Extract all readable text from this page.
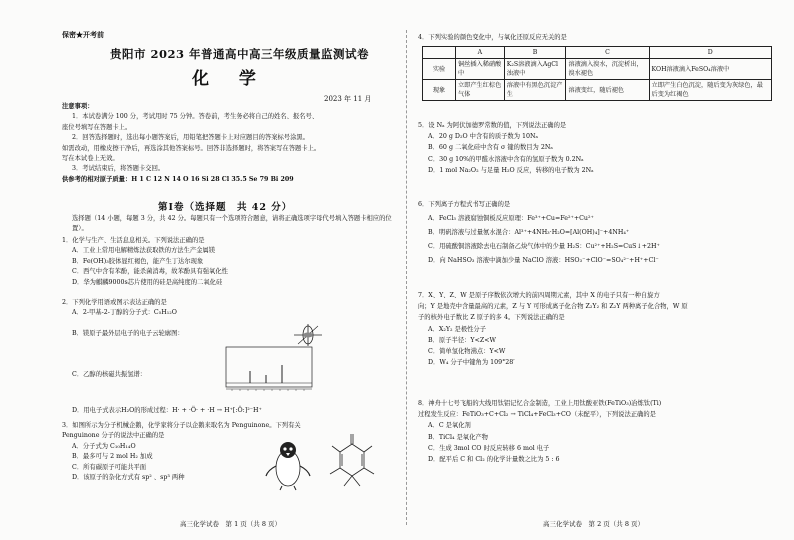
保密★开考前
贵阳市 2023 年普通高中高三年级质量监测试卷
化 学
2023 年 11 月
注意事项：
1．本试卷满分 100 分，考试用时 75 分钟。答卷前，考生务必将自己的姓名、报名号、
座位号填写在答题卡上。
2．回答选择题时，选出每小题答案后，用铅笔把答题卡上对应题目的答案标号涂黑。
如需改动，用橡皮擦干净后，再选涂其他答案标号。回答非选择题时，将答案写在答题卡上。
写在本试卷上无效。
3．考试结束后，将答题卡交回。
供参考的相对原子质量：H 1 C 12 N 14 O 16 Si 28 Cl 35.5 Se 79 Bi 209
第Ⅰ卷（选择题　共 42 分）
选择题（14 小题，每题 3 分，共 42 分。每题只有一个选项符合题意，请将正确选项字母代号填入答题卡相应的位置）。
1．化学与生产、生活息息相关。下列说法正确的是
A．工业上常用电解精炼法获取铁的方法生产金属镁
B．Fe(OH)₃胶体显红褐色，能产生丁达尔现象
C．西气中含有苯酚，能杀菌消毒，故苯酚具有强氧化性
D．华为麒麟9000s芯片使用的硅是高纯度的二氧化硅
2．下列化学用语或图示表达正确的是
A．2-甲基-2-丁醇的分子式：C₅H₁₂O
B．镁原子最外层电子的电子云轮廓图：
C．乙醇的核磁共振氢谱：
D．用电子式表示H₂O的形成过程：H· + ·Ö· + ·H → H⁺[:Ö:]²⁻H⁺
3．如图所示为分子机械企鹅，化学家将分子以企鹅来取名为 Penguinone。下列有关
Penguinone 分子的说法中正确的是
A．分子式为 C₁₀H₁₄O
B．最多可与 2 mol H₂ 加成
C．所有碳原子可能共平面
D．该原子的杂化方式有 sp² 、sp³ 两种
高三化学试卷　第 1 页（共 8 页）
4．下列实验的颜色变化中，与氧化还原反应无关的是
	A	B	C	D
实验	铜丝插入稀硝酸中	K₂S溶液滴入AgCl浊液中	溶液滴入溴水，沉淀析出，溴水褪色	KOH溶液滴入FeSO₄溶液中
现象	立即产生红棕色气体	溶液中有黑色沉淀产生	溶液变红，随后褪色	立即产生白色沉淀，随后变为灰绿色，最后变为红褐色
5．设 Nₐ 为阿伏加德罗常数的值，下列说法正确的是
A．20 g D₂O 中含有的质子数为 10Nₐ
B．60 g 二氧化硅中含有 σ 键的数目为 2Nₐ
C．30 g 10%的甲醛水溶液中含有的氢原子数为 0.2Nₐ
D．1 mol Na₂O₂ 与足量 H₂O 反应，转移的电子数为 2Nₐ
6．下列离子方程式书写正确的是
A．FeCl₃ 溶液腐蚀铜板反应原理：Fe³⁺+Cu=Fe²⁺+Cu²⁺
B．明矾溶液与过量氨水混合：Al³⁺+4NH₃·H₂O=[Al(OH)₄]⁻+4NH₄⁺
C．用硫酸铜溶液除去电石制备乙炔气体中的少量 H₂S：Cu²⁺+H₂S=CuS↓+2H⁺
D．向 NaHSO₃ 溶液中滴加少量 NaClO 溶液：HSO₃⁻+ClO⁻=SO₄²⁻+H⁺+Cl⁻
7．X、Y、Z、W 是原子序数依次增大的前四周期元素，其中 X 的电子只有一种自旋方
向；Y 是地壳中含量最高的元素，Z 与 Y 可形成离子化合物 Z₂Y₂ 和 Z₂Y 两种离子化合物，W 原
子的核外电子数比 Z 原子的多 4。下列说法正确的是
A．X₂Y₂ 是极性分子
B．原子半径：Y<Z<W
C．简单氢化物沸点：Y<W
D．W₄ 分子中键角为 109°28′
8．神舟十七号飞船的大线用钛铝记忆合金制造，工业上用钛酸亚铁(FeTiO₃)冶炼钛(Ti)
过程发生反应：FeTiO₃+C+Cl₂ → TiCl₄+FeCl₃+CO（未配平），下列说法正确的是
A．C 是氧化剂
B．TiCl₄ 是氧化产物
C．生成 3mol CO 时反应转移 6 mol 电子
D．配平后 C 和 Cl₂ 的化学计量数之比为 5 : 6
高三化学试卷　第 2 页（共 8 页）
